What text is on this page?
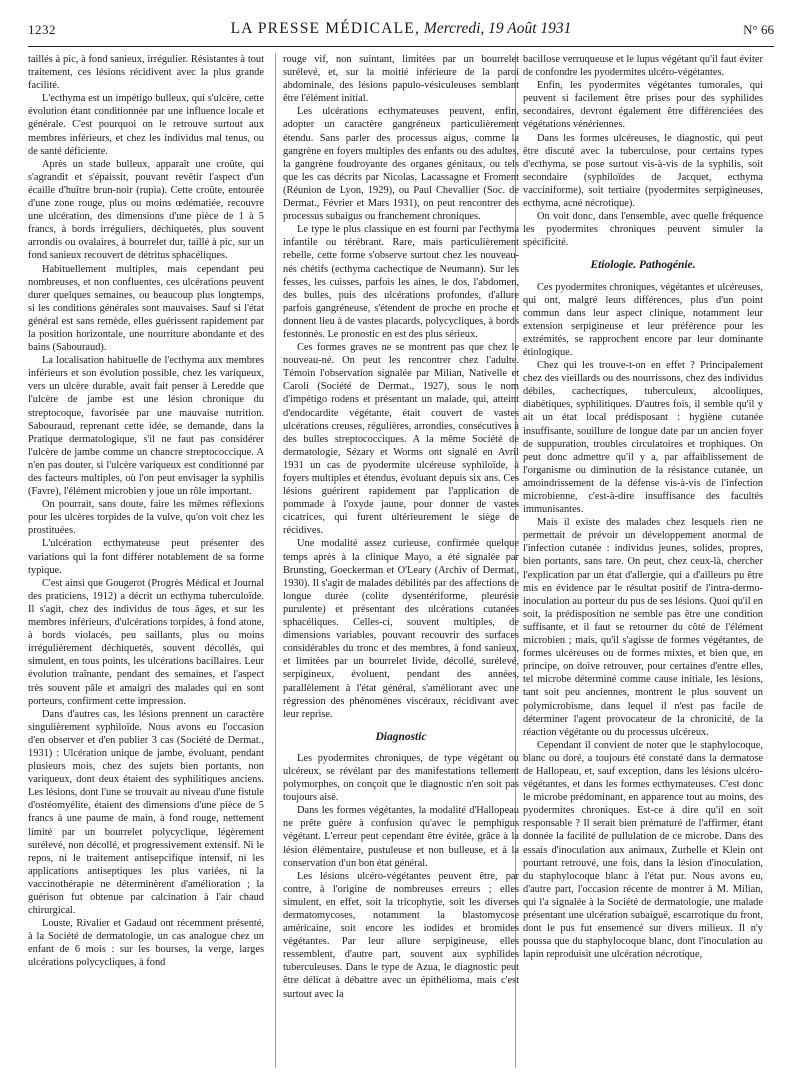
1232	LA PRESSE MÉDICALE, Mercredi, 19 Août 1931	N° 66

taillés à pic, à fond sanieux, irrégulier. Résistantes à tout traitement, ces lésions récidivent avec la plus grande facilité.

L'ecthyma est un impétigo bulleux, qui s'ulcère, cette évolution étant conditionnée par une influence locale et générale. C'est pourquoi on le retrouve surtout aux membres inférieurs, et chez les individus mal tenus, ou de santé déficiente.

Après un stade bulleux, apparaît une croûte, qui s'agrandit et s'épaissit, pouvant revêtir l'aspect d'un écaille d'huître brun-noir (rupia). Cette croûte, entourée d'une zone rouge, plus ou moins œdématiée, recouvre une ulcération, des dimensions d'une pièce de 1 à 5 francs, à bords irréguliers, déchiquetés, plus souvent arrondis ou ovalaires, à bourrelet dur, taillé à pic, sur un fond sanieux recouvert de détritus sphacéliques.

Habituellement multiples, mais cependant peu nombreuses, et non confluentes, ces ulcérations peuvent durer quelques semaines, ou beaucoup plus longtemps, si les conditions générales sont mauvaises. Sauf si l'état général est sans remède, elles guérissent rapidement par la position horizontale, une nourriture abondante et des bains (Sabouraud).

La localisation habituelle de l'ecthyma aux membres inférieurs et son évolution possible, chez les variqueux, vers un ulcère durable, avait fait penser à Leredde que l'ulcère de jambe est une lésion chronique du streptocoque, favorisée par une mauvaise nutrition. Sabouraud, reprenant cette idée, se demande, dans la Pratique dermatologique, s'il ne faut pas considérer l'ulcère de jambe comme un chancre streptococcique. A n'en pas douter, si l'ulcère variqueux est conditionné par des facteurs multiples, où l'on peut envisager la syphilis (Favre), l'élément microbien y joue un rôle important.

On pourrait, sans doute, faire les mêmes réflexions pour les ulcères torpides de la vulve, qu'on voit chez les prostituées.

L'ulcération ecthymateuse peut présenter des variations qui la font différer notablement de sa forme typique.

C'est ainsi que Gougerot (Progrès Médical et Journal des praticiens, 1912) a décrit un ecthyma tuberculoïde. Il s'agit, chez des individus de tous âges, et sur les membres inférieurs, d'ulcérations torpides, à fond atone, à bords violacés, peu saillants, plus ou moins irrégulièrement déchiquetés, souvent décollés, qui simulent, en tous points, les ulcérations bacillaires. Leur évolution traînante, pendant des semaines, et l'aspect très souvent pâle et amaigri des malades qui en sont porteurs, confirment cette impression.

Dans d'autres cas, les lésions prennent un caractère singulièrement syphiloïde. Nous avons eu l'occasion d'en observer et d'en publier 3 cas (Société de Dermat., 1931) : Ulcération unique de jambe, évoluant, pendant plusieurs mois, chez des sujets bien portants, non variqueux, dont deux étaient des syphilitiques anciens. Les lésions, dont l'une se trouvait au niveau d'une fistule d'ostéomyélite, étaient des dimensions d'une pièce de 5 francs à une paume de main, à fond rouge, nettement limité par un bourrelet polycyclique, légèrement surélevé, non décollé, et progressivement extensif. Ni le repos, ni le traitement antisepcifique intensif, ni les applications antiseptiques les plus variées, ni la vaccinothérapie ne déterminèrent d'amélioration ; la guérison fut obtenue par calcination à l'air chaud chirurgical.

Louste, Rivalier et Gadaud ont récemment présenté, à la Société de dermatologie, un cas analogue chez un enfant de 6 mois : sur les bourses, la verge, larges ulcérations polycycliques, à fond

rouge vif, non suintant, limitées par un bourrelet surélevé, et, sur la moitié inférieure de la paroi abdominale, des lésions papulo-vésiculeuses semblant être l'élément initial.

Les ulcérations ecthymateuses peuvent, enfin, adopter un caractère gangréneux particulièrement étendu. Sans parler des processus aigus, comme la gangrène en foyers multiples des enfants ou des adultes, la gangrène foudroyante des organes génitaux, ou tels que les cas décrits par Nicolas, Lacassagne et Froment (Réunion de Lyon, 1929), ou Paul Chevallier (Soc. de Dermat., Février et Mars 1931), on peut rencontrer des processus subaigus ou franchement chroniques.

Le type le plus classique en est fourni par l'ecthyma infantile ou térébrant. Rare, mais particulièrement rebelle, cette forme s'observe surtout chez les nouveau-nés chétifs (ecthyma cachectique de Neumann). Sur les fesses, les cuisses, parfois les aines, le dos, l'abdomen, des bulles, puis des ulcérations profondes, d'allure parfois gangréneuse, s'étendent de proche en proche et donnent lieu à de vastes placards, polycycliques, à bords festonnés. Le pronostic en est des plus sérieux.

Ces formes graves ne se montrent pas que chez le nouveau-né. On peut les rencontrer chez l'adulte. Témoin l'observation signalée par Milian, Nativelle et Caroli (Société de Dermat., 1927), sous le nom d'impétigo rodens et présentant un malade, qui, atteint d'endocardite végétante, était couvert de vastes ulcérations creuses, régulières, arrondies, consécutives à des bulles streptococciques. A la même Société de dermatologie, Sézary et Worms ont signalé en Avril 1931 un cas de pyodermite ulcéreuse syphiloïde, à foyers multiples et étendus, évoluant depuis six ans. Ces lésions guérirent rapidement par l'application de pommade à l'oxyde jaune, pour donner de vastes cicatrices, qui furent ultérieurement le siège de récidives.

Une modalité assez curieuse, confirmée quelque temps après à la clinique Mayo, a été signalée par Brunsting, Goeckerman et O'Leary (Archiv of Dermat., 1930). Il s'agit de malades débilités par des affections de longue durée (colite dysentériforme, pleurésie purulente) et présentant des ulcérations cutanées sphacéliques. Celles-ci, souvent multiples, de dimensions variables, pouvant recouvrir des surfaces considérables du tronc et des membres, à fond sanieux, et limitées par un bourrelet livide, décollé, surélevé, serpigineux, évoluent, pendant des années, parallèlement à l'état général, s'améliorant avec une régression des phénomènes viscéraux, récidivant avec leur reprise.

Diagnostic

Les pyodermites chroniques, de type végétant ou ulcéreux, se révélant par des manifestations tellement polymorphes, on conçoit que le diagnostic n'en soit pas toujours aisé.

Dans les formes végétantes, la modalité d'Hallopeau ne prête guère à confusion qu'avec le pemphigus végétant. L'erreur peut cependant être évitée, grâce à la lésion élémentaire, pustuleuse et non bulleuse, et à la conservation d'un bon état général.

Les lésions ulcéro-végétantes peuvent être, par contre, à l'origine de nombreuses erreurs ; elles simulent, en effet, soit la tricophytie, soit les diverses dermatomycoses, notamment la blastomycose américaine, soit encore les iodides et bromides végétantes. Par leur allure serpigineuse, elles ressemblent, d'autre part, souvent aux syphilides tuberculeuses. Dans le type de Azua, le diagnostic peut être délicat à débattre avec un épithélioma, mais c'est surtout avec la

bacillose verruqueuse et le lupus végétant qu'il faut éviter de confondre les pyodermites ulcéro-végétantes.

Enfin, les pyodermites végétantes tumorales, qui peuvent si facilement être prises pour des syphilides secondaires, devront également être différenciées des végétations vénériennes.

Dans les formes ulcéreuses, le diagnostic, qui peut être discuté avec la tuberculose, pour certains types d'ecthyma, se pose surtout vis-à-vis de la syphilis, soit secondaire (syphiloïdes de Jacquet, ecthyma vacciniforme), soit tertiaire (pyodermites serpigineuses, ecthyma, acné nécrotique).

On voit donc, dans l'ensemble, avec quelle fréquence les pyodermites chroniques peuvent simuler la spécificité.

Etiologie. Pathogénie.

Ces pyodermites chroniques, végétantes et ulcéreuses, qui ont, malgré leurs différences, plus d'un point commun dans leur aspect clinique, notamment leur extension serpigineuse et leur préférence pour les extrémités, se rapprochent encore par leur dominante étiologique.

Chez qui les trouve-t-on en effet ? Principalement chez des vieillards ou des nourrissons, chez des individus débiles, cachectiques, tuberculeux, alcooliques, diabétiques, syphilitiques. D'autres fois, il semble qu'il y ait un état local prédisposant : hygiène cutanée insuffisante, souillure de longue date par un ancien foyer de suppuration, troubles circulatoires et trophiques. On peut donc admettre qu'il y a, par affaiblissement de l'organisme ou diminution de la résistance cutanée, un amoindrissement de la défense vis-à-vis de l'infection microbienne, c'est-à-dire insuffisance des facultés immunisantes.

Mais il existe des malades chez lesquels rien ne permettait de prévoir un développement anormal de l'infection cutanée : individus jeunes, solides, propres, bien portants, sans tare. On peut, chez ceux-là, chercher l'explication par un état d'allergie, qui a d'ailleurs pu être mis en évidence par le résultat positif de l'intra-dermo-inoculation au porteur du pus de ses lésions. Quoi qu'il en soit, la prédisposition ne semble pas être une condition suffisante, et il faut se retourner du côté de l'élément microbien ; mais, qu'il s'agisse de formes végétantes, de formes ulcéreuses ou de formes mixtes, et bien que, en principe, on doive retrouver, pour certaines d'entre elles, tel microbe déterminé comme cause initiale, les lésions, tant soit peu anciennes, montrent le plus souvent un polymicrobisme, dans lequel il n'est pas facile de déterminer l'agent provocateur de la chronicité, de la réaction végétante ou du processus ulcéreux.

Cependant il convient de noter que le staphylocoque, blanc ou doré, a toujours été constaté dans la dermatose de Hallopeau, et, sauf exception, dans les lésions ulcéro-végétantes, et dans les formes ecthymateuses. C'est donc le microbe prédominant, en apparence tout au moins, des pyodermites chroniques. Est-ce à dire qu'il en soit responsable ? Il serait bien prématuré de l'affirmer, étant donnée la facilité de pullulation de ce microbe. Dans des essais d'inoculation aux animaux, Zurhelle et Klein ont pourtant retrouvé, une fois, dans la lésion d'inoculation, du staphylocoque blanc à l'état pur. Nous avons eu, d'autre part, l'occasion récente de montrer à M. Milian, qui l'a signalée à la Société de dermatologie, une malade présentant une ulcération subaiguë, escarrotique du front, dont le pus fut ensemencé sur divers milieux. Il n'y poussa que du staphylocoque blanc, dont l'inoculation au lapin reproduisit une ulcération nécrotique,
